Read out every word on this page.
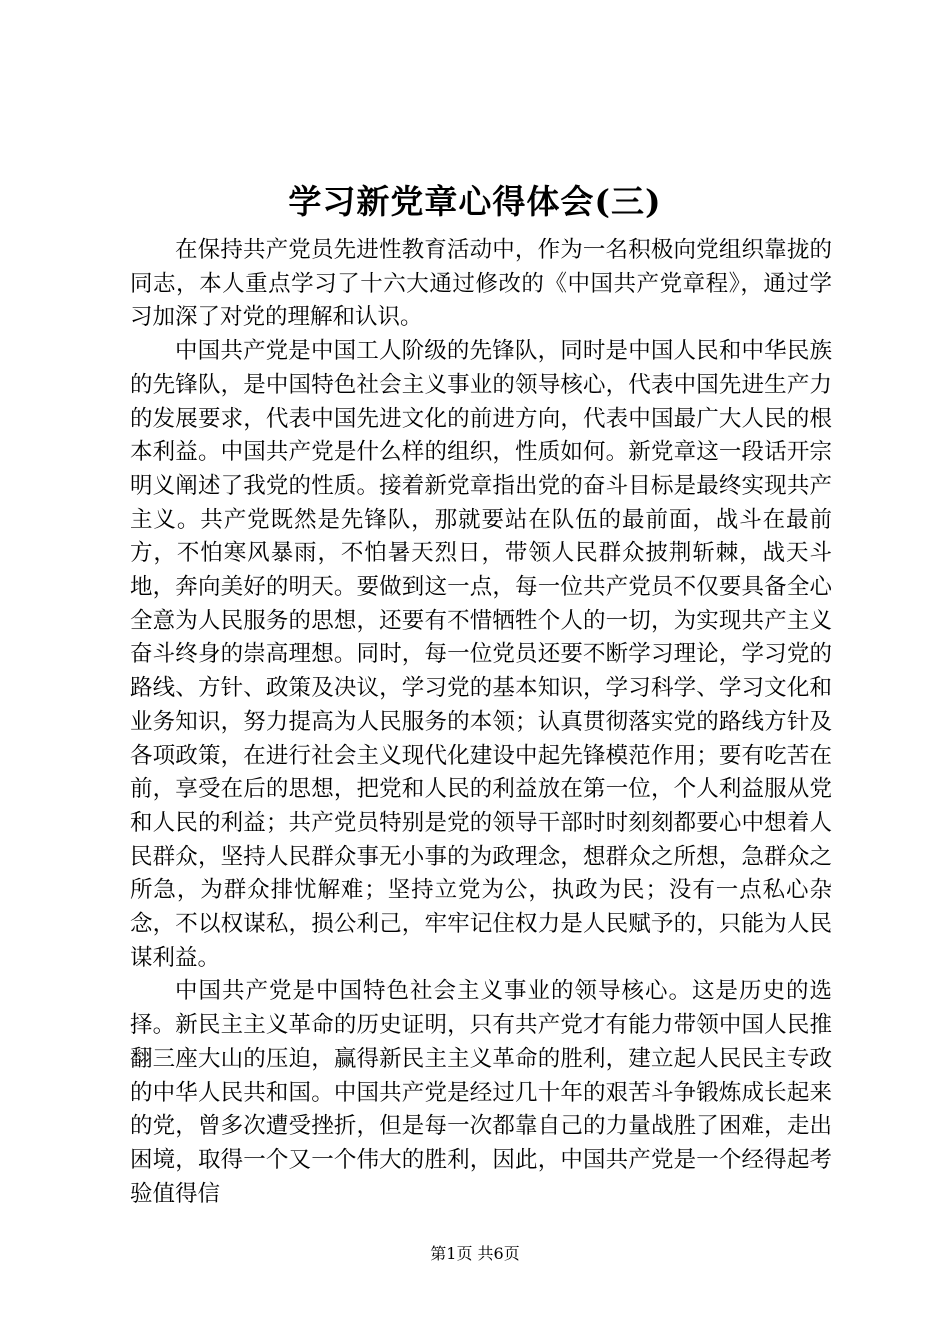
学习新党章心得体会(三)

在保持共产党员先进性教育活动中，作为一名积极向党组织靠拢的同志，本人重点学习了十六大通过修改的《中国共产党章程》，通过学习加深了对党的理解和认识。

中国共产党是中国工人阶级的先锋队，同时是中国人民和中华民族的先锋队，是中国特色社会主义事业的领导核心，代表中国先进生产力的发展要求，代表中国先进文化的前进方向，代表中国最广大人民的根本利益。中国共产党是什么样的组织，性质如何。新党章这一段话开宗明义阐述了我党的性质。接着新党章指出党的奋斗目标是最终实现共产主义。共产党既然是先锋队，那就要站在队伍的最前面，战斗在最前方，不怕寒风暴雨，不怕暑天烈日，带领人民群众披荆斩棘，战天斗地，奔向美好的明天。要做到这一点，每一位共产党员不仅要具备全心全意为人民服务的思想，还要有不惜牺牲个人的一切，为实现共产主义奋斗终身的崇高理想。同时，每一位党员还要不断学习理论，学习党的路线、方针、政策及决议，学习党的基本知识，学习科学、学习文化和业务知识，努力提高为人民服务的本领；认真贯彻落实党的路线方针及各项政策，在进行社会主义现代化建设中起先锋模范作用；要有吃苦在前，享受在后的思想，把党和人民的利益放在第一位，个人利益服从党和人民的利益；共产党员特别是党的领导干部时时刻刻都要心中想着人民群众，坚持人民群众事无小事的为政理念，想群众之所想，急群众之所急，为群众排忧解难；坚持立党为公，执政为民；没有一点私心杂念，不以权谋私，损公利己，牢牢记住权力是人民赋予的，只能为人民谋利益。

中国共产党是中国特色社会主义事业的领导核心。这是历史的选择。新民主主义革命的历史证明，只有共产党才有能力带领中国人民推翻三座大山的压迫，赢得新民主主义革命的胜利，建立起人民民主专政的中华人民共和国。中国共产党是经过几十年的艰苦斗争锻炼成长起来的党，曾多次遭受挫折，但是每一次都靠自己的力量战胜了困难，走出困境，取得一个又一个伟大的胜利，因此，中国共产党是一个经得起考验值得信

第1页 共6页
